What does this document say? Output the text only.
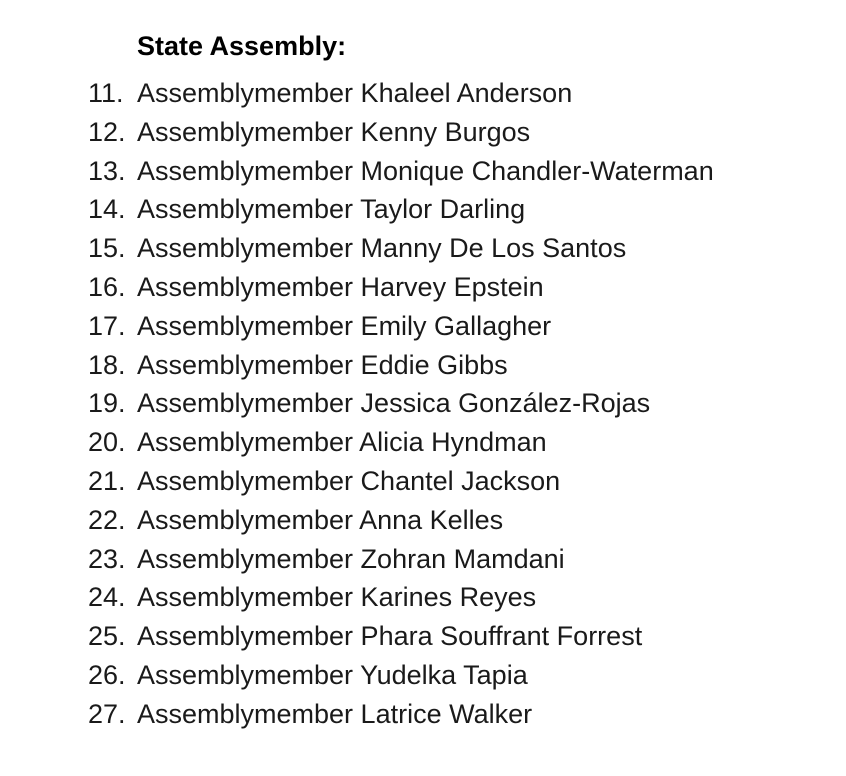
State Assembly:
11. Assemblymember Khaleel Anderson
12. Assemblymember Kenny Burgos
13. Assemblymember Monique Chandler-Waterman
14. Assemblymember Taylor Darling
15. Assemblymember Manny De Los Santos
16. Assemblymember Harvey Epstein
17. Assemblymember Emily Gallagher
18. Assemblymember Eddie Gibbs
19. Assemblymember Jessica González-Rojas
20. Assemblymember Alicia Hyndman
21. Assemblymember Chantel Jackson
22. Assemblymember Anna Kelles
23. Assemblymember Zohran Mamdani
24. Assemblymember Karines Reyes
25. Assemblymember Phara Souffrant Forrest
26. Assemblymember Yudelka Tapia
27. Assemblymember Latrice Walker
